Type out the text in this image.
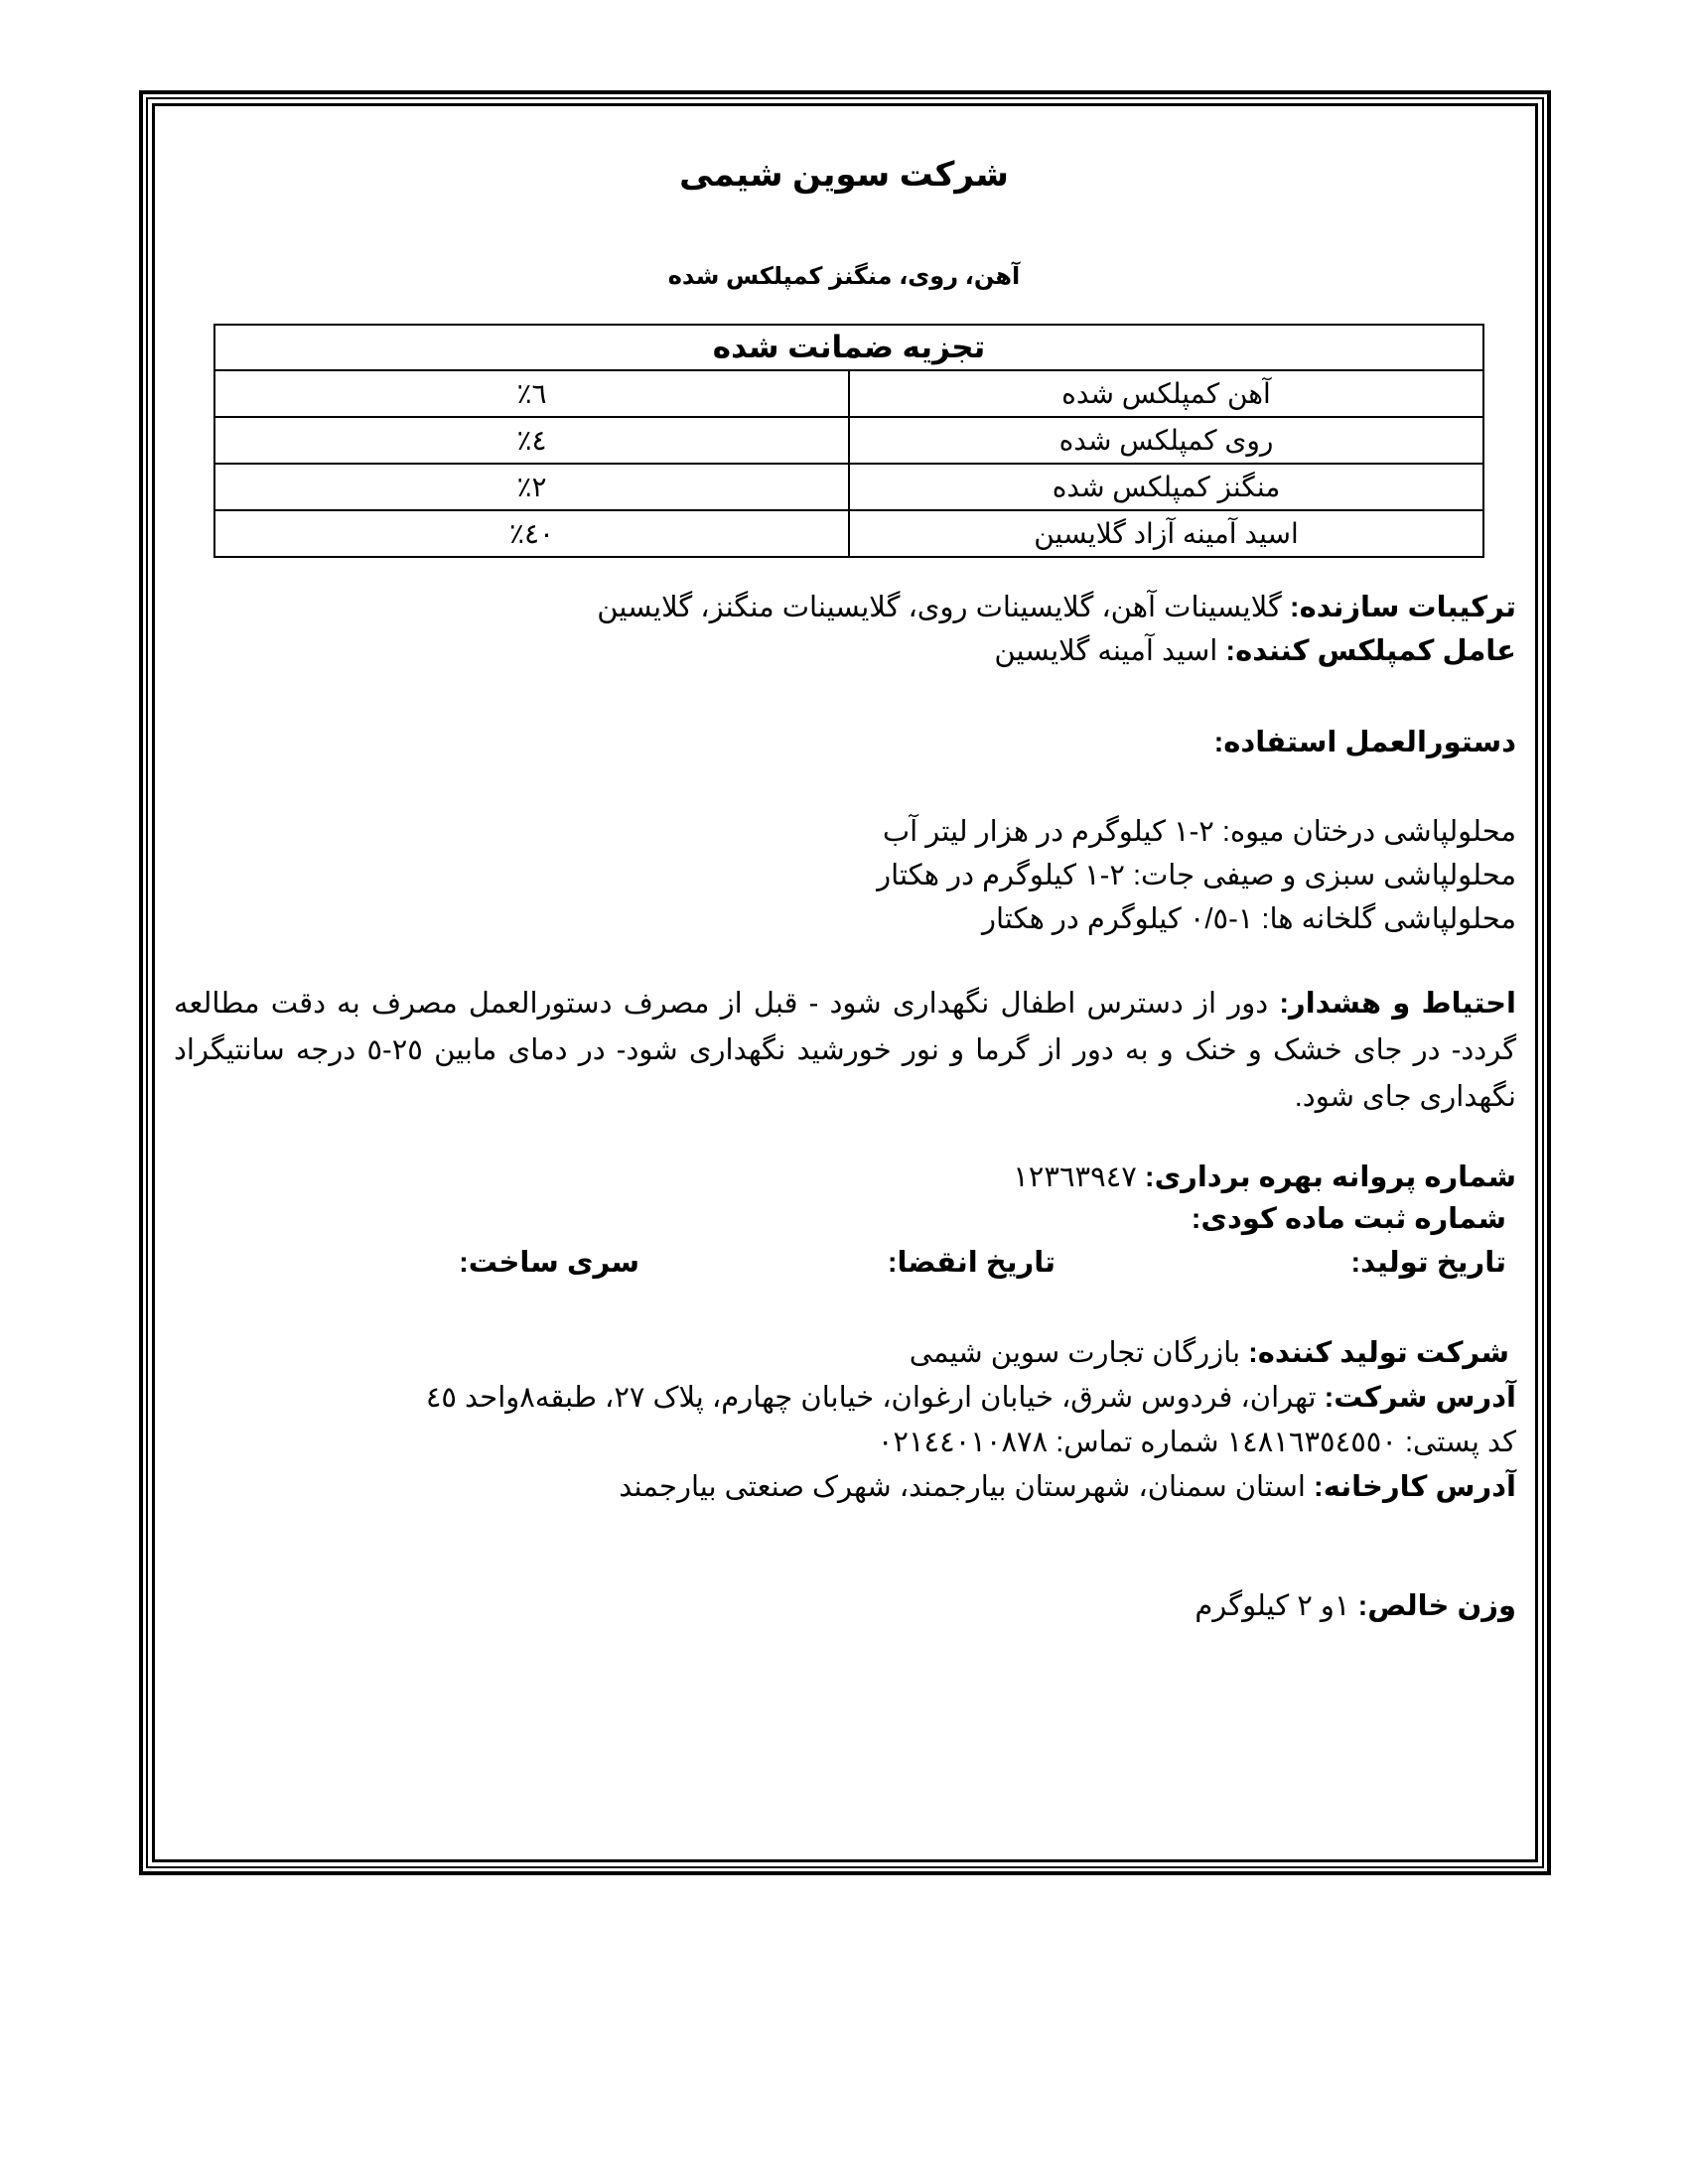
شرکت سوین شیمی
آهن، روی، منگنز کمپلکس شده
تجزیه ضمانت شده	
آهن کمپلکس شده	٦٪
روی کمپلکس شده	٤٪
منگنز کمپلکس شده	٢٪
اسید آمینه آزاد گلایسین	٤٠٪
ترکیبات سازنده: گلایسینات آهن، گلایسینات روی، گلایسینات منگنز، گلایسین
عامل کمپلکس کننده: اسید آمینه گلایسین
دستورالعمل استفاده:
محلولپاشی درختان میوه: ٢-١ کیلوگرم در هزار لیتر آب
محلولپاشی سبزی و صیفی جات: ٢-١ کیلوگرم در هکتار
محلولپاشی گلخانه ها: ١-٠/٥ کیلوگرم در هکتار
احتیاط و هشدار: دور از دسترس اطفال نگهداری شود - قبل از مصرف دستورالعمل مصرف به دقت مطالعه گردد- در جای خشک و خنک و به دور از گرما و نور خورشید نگهداری شود- در دمای مابین ٢٥-٥ درجه سانتیگراد نگهداری جای شود.
شماره پروانه بهره برداری: ١٢٣٦٣٩٤٧
شماره ثبت ماده کودی:
تاریخ تولید:
تاریخ انقضا:
سری ساخت:
شرکت تولید کننده: بازرگان تجارت سوین شیمی
آدرس شرکت: تهران، فردوس شرق، خیابان ارغوان، خیابان چهارم، پلاک ٢٧، طبقه٨واحد ٤٥
کد پستی: ١٤٨١٦٣٥٤٥٥٠ شماره تماس: ٠٢١٤٤٠١٠٨٧٨
آدرس کارخانه: استان سمنان، شهرستان بیارجمند، شهرک صنعتی بیارجمند
وزن خالص: ١و ٢ کیلوگرم
